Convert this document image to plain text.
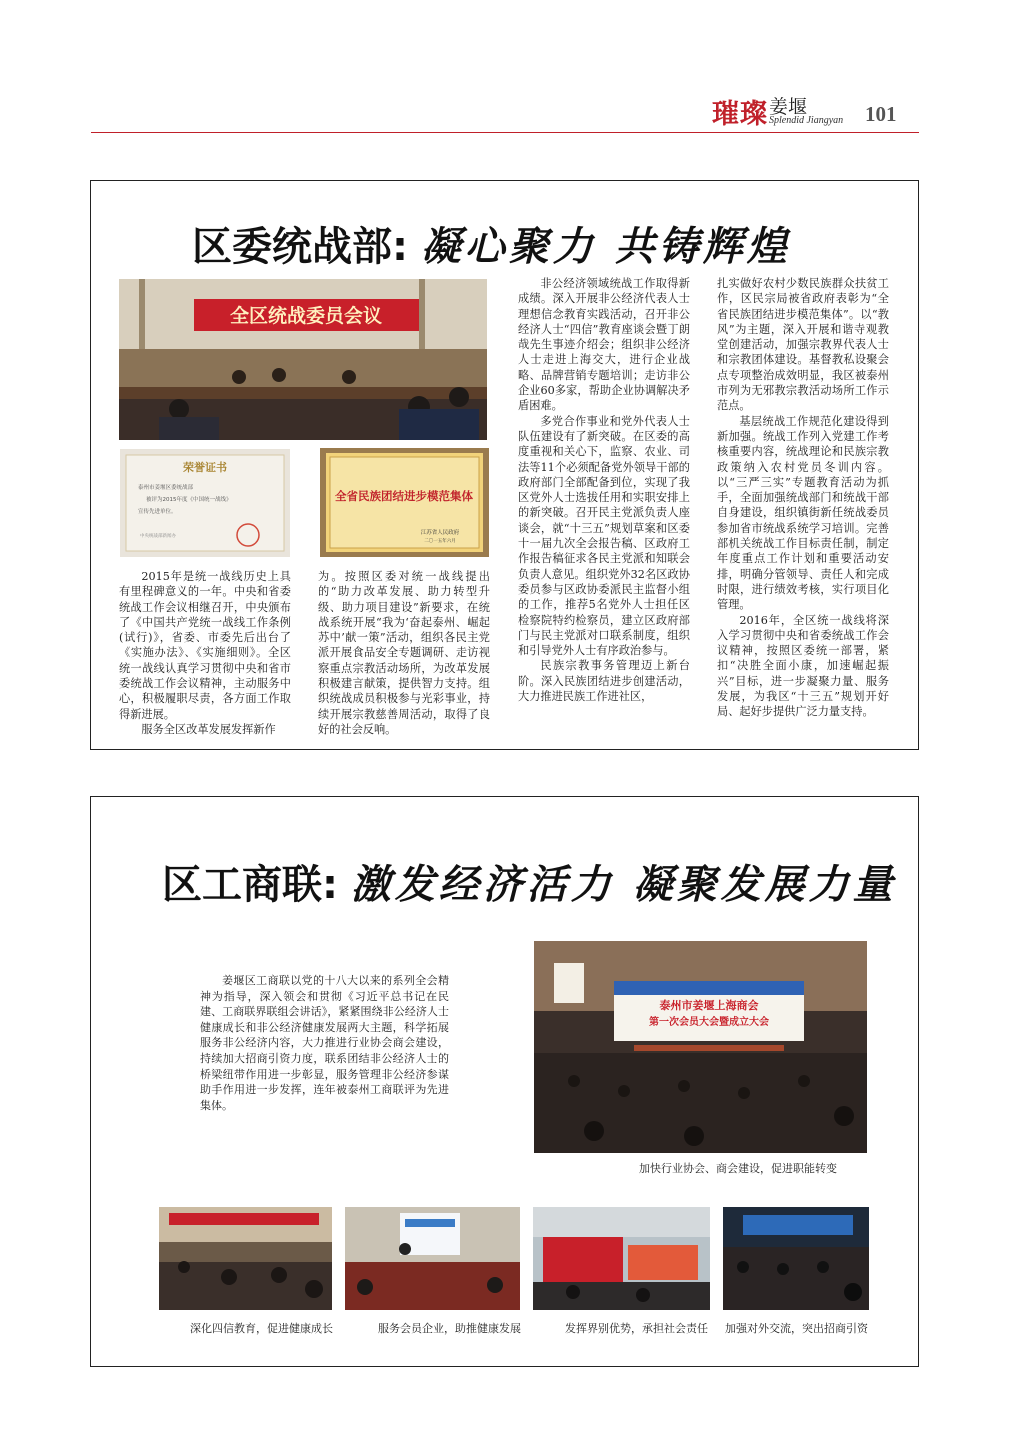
璀璨 姜堰
Splendid Jiangyan 101
区委统战部: 凝心聚力 共铸辉煌
全区统战委员会议
荣誉证书
泰州市姜堰区委统战部
被评为2015年度《中国统一战线》
宣传先进单位。
中央统战部新闻办
全省民族团结进步模范集体
江苏省人民政府
二〇一五年六月

2015年是统一战线历史上具有里程碑意义的一年。中央和省委统战工作会议相继召开，中央颁布了《中国共产党统一战线工作条例(试行)》，省委、市委先后出台了《实施办法》、《实施细则》。全区统一战线认真学习贯彻中央和省市委统战工作会议精神，主动服务中心，积极履职尽责，各方面工作取得新进展。

服务全区改革发展发挥新作

为。按照区委对统一战线提出的“助力改革发展、助力转型升级、助力项目建设”新要求，在统战系统开展“我为‘奋起泰州、崛起苏中’献一策”活动，组织各民主党派开展食品安全专题调研、走访视察重点宗教活动场所，为改革发展积极建言献策，提供智力支持。组织统战成员积极参与光彩事业，持续开展宗教慈善周活动，取得了良好的社会反响。

非公经济领域统战工作取得新成绩。深入开展非公经济代表人士理想信念教育实践活动，召开非公经济人士“四信”教育座谈会暨丁朗哉先生事迹介绍会；组织非公经济人士走进上海交大，进行企业战略、品牌营销专题培训；走访非公企业60多家，帮助企业协调解决矛盾困难。

多党合作事业和党外代表人士队伍建设有了新突破。在区委的高度重视和关心下，监察、农业、司法等11个必须配备党外领导干部的政府部门全部配备到位，实现了我区党外人士选拔任用和实职安排上的新突破。召开民主党派负责人座谈会，就“十三五”规划草案和区委十一届九次全会报告稿、区政府工作报告稿征求各民主党派和知联会负责人意见。组织党外32名区政协委员参与区政协委派民主监督小组的工作，推荐5名党外人士担任区检察院特约检察员，建立区政府部门与民主党派对口联系制度，组织和引导党外人士有序政治参与。

民族宗教事务管理迈上新台阶。深入民族团结进步创建活动，大力推进民族工作进社区，

扎实做好农村少数民族群众扶贫工作，区民宗局被省政府表彰为“全省民族团结进步模范集体”。以“教风”为主题，深入开展和谐寺观教堂创建活动，加强宗教界代表人士和宗教团体建设。基督教私设聚会点专项整治成效明显，我区被泰州市列为无邪教宗教活动场所工作示范点。

基层统战工作规范化建设得到新加强。统战工作列入党建工作考核重要内容，统战理论和民族宗教政策纳入农村党员冬训内容。以“三严三实”专题教育活动为抓手，全面加强统战部门和统战干部自身建设，组织镇街新任统战委员参加省市统战系统学习培训。完善部机关统战工作目标责任制，制定年度重点工作计划和重要活动安排，明确分管领导、责任人和完成时限，进行绩效考核，实行项目化管理。

2016年，全区统一战线将深入学习贯彻中央和省委统战工作会议精神，按照区委统一部署，紧扣“决胜全面小康，加速崛起振兴”目标，进一步凝聚力量、服务发展，为我区“十三五”规划开好局、起好步提供广泛力量支持。

区工商联: 激发经济活力 凝聚发展力量

姜堰区工商联以党的十八大以来的系列全会精神为指导，深入领会和贯彻《习近平总书记在民建、工商联界联组会讲话》，紧紧围绕非公经济人士健康成长和非公经济健康发展两大主题，科学拓展服务非公经济内容，大力推进行业协会商会建设，持续加大招商引资力度，联系团结非公经济人士的桥梁纽带作用进一步彰显，服务管理非公经济参谋助手作用进一步发挥，连年被泰州工商联评为先进集体。

泰州市姜堰上海商会
第一次会员大会暨成立大会
加快行业协会、商会建设，促进职能转变
深化四信教育，促进健康成长	服务会员企业，助推健康发展	发挥界别优势，承担社会责任 加强对外交流，突出招商引资
